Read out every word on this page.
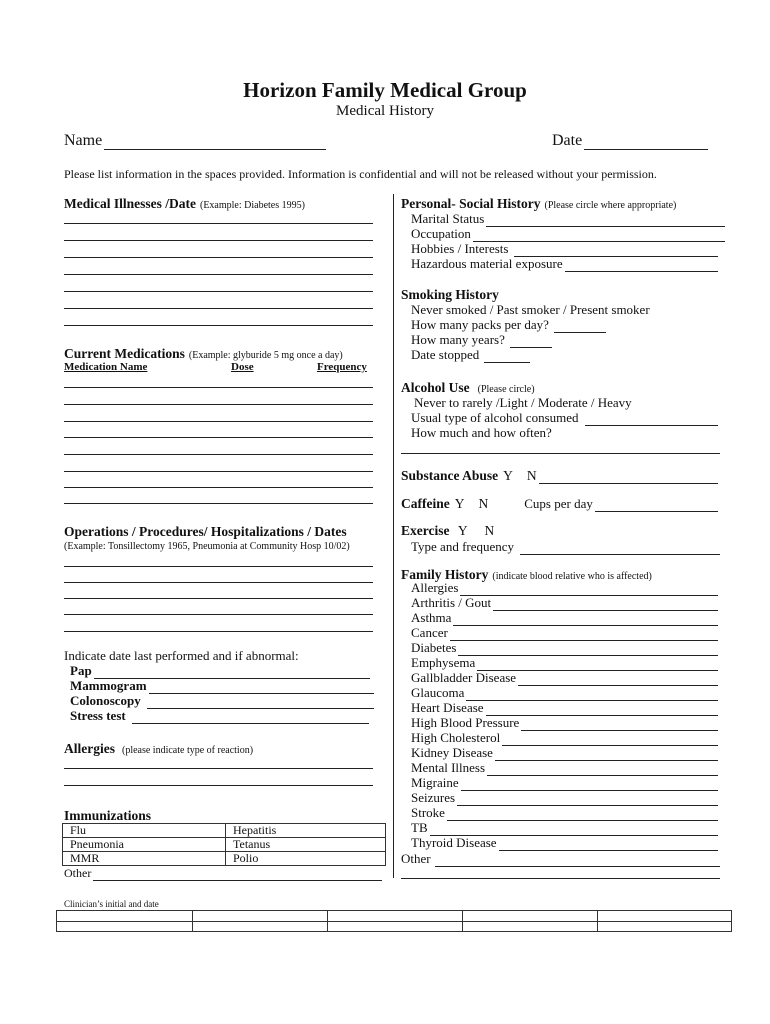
Horizon Family Medical Group
Medical History
Name	Date
Please list information in the spaces provided. Information is confidential and will not be released without your permission.
Medical Illnesses /Date (Example: Diabetes 1995)
Current Medications (Example: glyburide 5 mg once a day)
Medication Name	Dose	Frequency
Operations / Procedures/ Hospitalizations / Dates
(Example: Tonsillectomy 1965, Pneumonia at Community Hosp 10/02)
Indicate date last performed and if abnormal:
Pap
Mammogram
Colonoscopy
Stress test
Allergies (please indicate type of reaction)
Immunizations
Flu	Hepatitis
Pneumonia	Tetanus
MMR	Polio
Other
Clinician’s initial and date
Personal- Social History (Please circle where appropriate)
Marital Status
Occupation
Hobbies / Interests
Hazardous material exposure
Smoking History
Never smoked / Past smoker / Present smoker
How many packs per day?
How many years?
Date stopped
Alcohol Use (Please circle)
Never to rarely /Light / Moderate / Heavy
Usual type of alcohol consumed
How much and how often?
Substance Abuse Y N
Caffeine Y N	Cups per day
Exercise Y N
Type and frequency
Family History (indicate blood relative who is affected)
Allergies
Arthritis / Gout
Asthma
Cancer
Diabetes
Emphysema
Gallbladder Disease
Glaucoma
Heart Disease
High Blood Pressure
High Cholesterol
Kidney Disease
Mental Illness
Migraine
Seizures
Stroke
TB
Thyroid Disease
Other
